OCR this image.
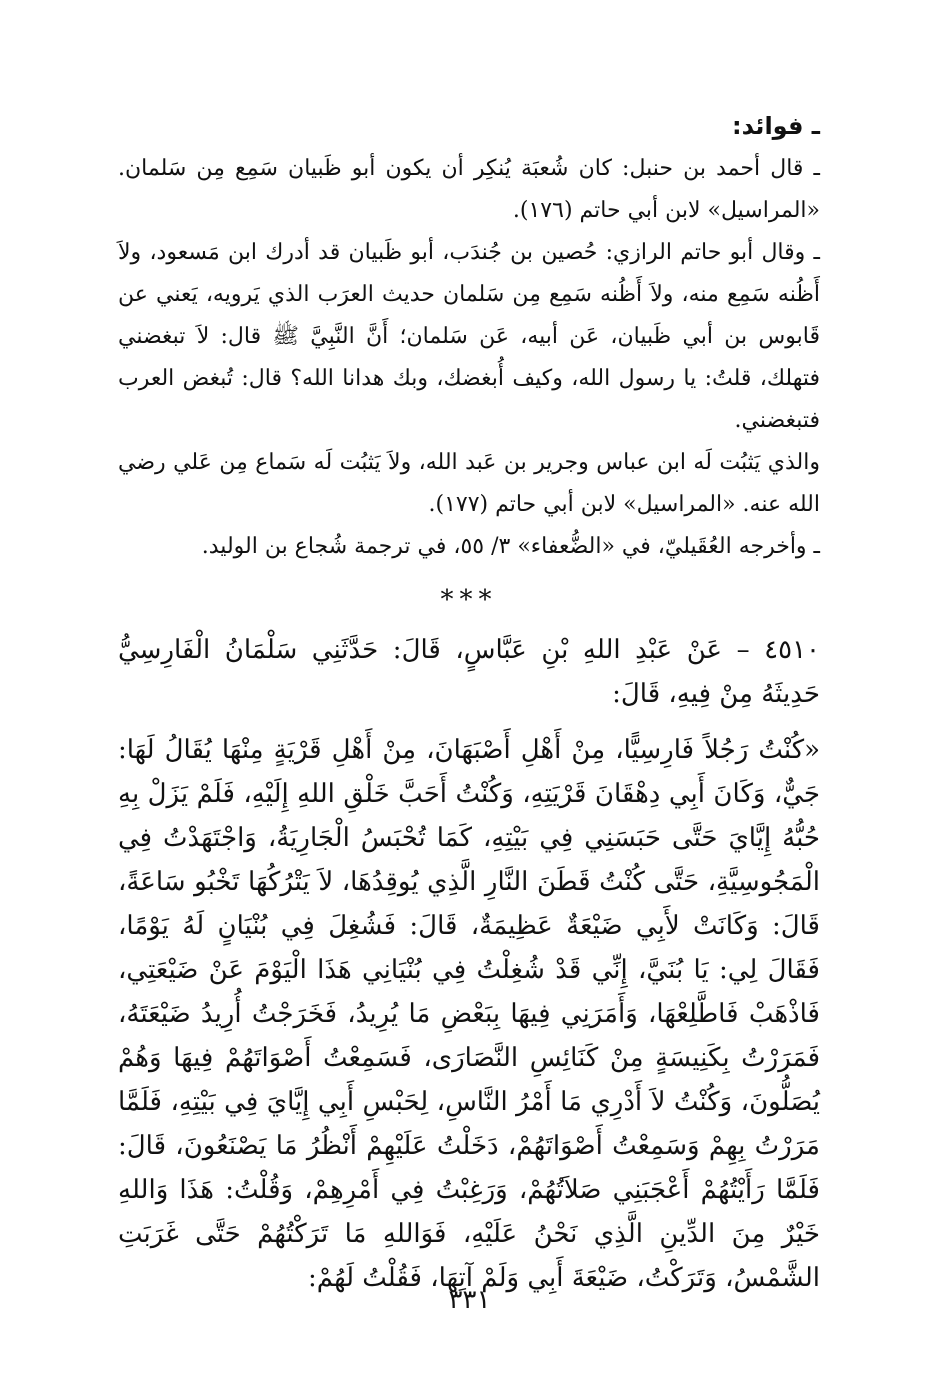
ـ فوائد:

ـ قال أحمد بن حنبل: كان شُعبَة يُنكِر أن يكون أبو ظَبيان سَمِع مِن سَلمان. «المراسيل» لابن أبي حاتم (١٧٦).

ـ وقال أبو حاتم الرازي: حُصين بن جُندَب، أبو ظَبيان قد أدرك ابن مَسعود، ولاَ أَظُنه سَمِع منه، ولاَ أَظُنه سَمِع مِن سَلمان حديث العرَب الذي يَرويه، يَعني عن قَابوس بن أبي ظَبيان، عَن أبيه، عَن سَلمان؛ أَنَّ النَّبِيَّ ﷺ قال: لاَ تبغضني فتهلك، قلتُ: يا رسول الله، وكيف أُبغضك، وبك هدانا الله؟ قال: تُبغض العرب فتبغضني.

والذي يَثبُت لَه ابن عباس وجرير بن عَبد الله، ولاَ يَثبُت لَه سَماع مِن عَلي رضي الله عنه. «المراسيل» لابن أبي حاتم (١٧٧).

ـ وأخرجه العُقَيليّ، في «الضُّعفاء» ٣/ ٥٥، في ترجمة شُجاع بن الوليد.

***

٤٥١٠ – عَنْ عَبْدِ اللهِ بْنِ عَبَّاسٍ، قَالَ: حَدَّثَنِي سَلْمَانُ الْفَارِسِيُّ حَدِيثَهُ مِنْ فِيهِ، قَالَ:

«كُنْتُ رَجُلاً فَارِسِيًّا، مِنْ أَهْلِ أَصْبَهَانَ، مِنْ أَهْلِ قَرْيَةٍ مِنْهَا يُقَالُ لَهَا: جَيٌّ، وَكَانَ أَبِي دِهْقَانَ قَرْيَتِهِ، وَكُنْتُ أَحَبَّ خَلْقِ اللهِ إِلَيْهِ، فَلَمْ يَزَلْ بِهِ حُبُّهُ إِيَّايَ حَتَّى حَبَسَنِي فِي بَيْتِهِ، كَمَا تُحْبَسُ الْجَارِيَةُ، وَاجْتَهَدْتُ فِي الْمَجُوسِيَّةِ، حَتَّى كُنْتُ قَطَنَ النَّارِ الَّذِي يُوقِدُهَا، لاَ يَتْرُكُهَا تَخْبُو سَاعَةً، قَالَ: وَكَانَتْ لأَبِي ضَيْعَةٌ عَظِيمَةٌ، قَالَ: فَشُغِلَ فِي بُنْيَانٍ لَهُ يَوْمًا، فَقَالَ لِي: يَا بُنَيَّ، إِنِّي قَدْ شُغِلْتُ فِي بُنْيَانِي هَذَا الْيَوْمَ عَنْ ضَيْعَتِي، فَاذْهَبْ فَاطَّلِعْهَا، وَأَمَرَنِي فِيهَا بِبَعْضِ مَا يُرِيدُ، فَخَرَجْتُ أُرِيدُ ضَيْعَتَهُ، فَمَرَرْتُ بِكَنِيسَةٍ مِنْ كَنَائِسِ النَّصَارَى، فَسَمِعْتُ أَصْوَاتَهُمْ فِيهَا وَهُمْ يُصَلُّونَ، وَكُنْتُ لاَ أَدْرِي مَا أَمْرُ النَّاسِ، لِحَبْسِ أَبِي إِيَّايَ فِي بَيْتِهِ، فَلَمَّا مَرَرْتُ بِهِمْ وَسَمِعْتُ أَصْوَاتَهُمْ، دَخَلْتُ عَلَيْهِمْ أَنْظُرُ مَا يَصْنَعُونَ، قَالَ: فَلَمَّا رَأَيْتُهُمْ أَعْجَبَنِي صَلاَتُهُمْ، وَرَغِبْتُ فِي أَمْرِهِمْ، وَقُلْتُ: هَذَا وَاللهِ خَيْرٌ مِنَ الدِّينِ الَّذِي نَحْنُ عَلَيْهِ، فَوَاللهِ مَا تَرَكْتُهُمْ حَتَّى غَرَبَتِ الشَّمْسُ، وَتَرَكْتُ، ضَيْعَةَ أَبِي وَلَمْ آتِهَا، فَقُلْتُ لَهُمْ:

٣٣١
